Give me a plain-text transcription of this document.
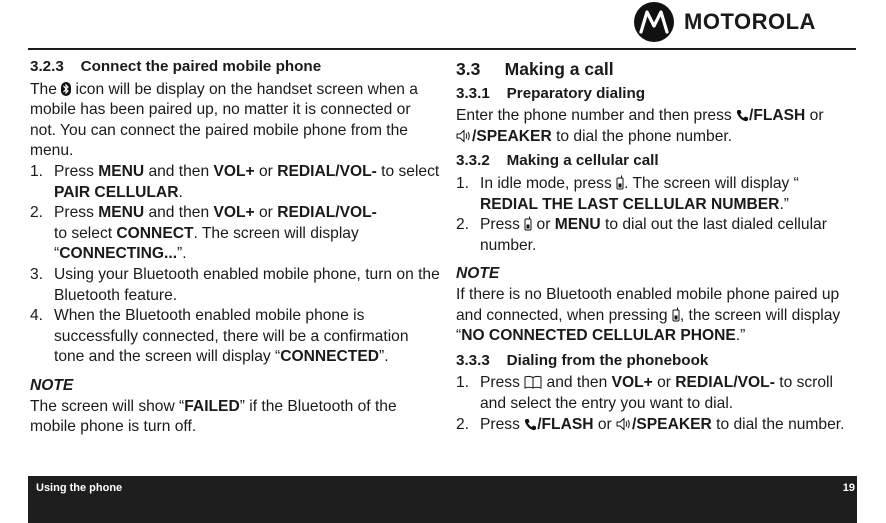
MOTOROLA
3.2.3    Connect the paired mobile phone

The  icon will be display on the handset screen when a mobile has been paired up, no matter it is connected or not. You can connect the paired mobile phone from the menu.

1. Press MENU and then VOL+ or REDIAL/VOL- to select PAIR CELLULAR.
2. Press MENU and then VOL+ or REDIAL/VOL-
to select CONNECT. The screen will display “CONNECTING...”.
3. Using your Bluetooth enabled mobile phone, turn on the Bluetooth feature.
4. When the Bluetooth enabled mobile phone is successfully connected, there will be a confirmation tone and the screen will display “CONNECTED”.
NOTE

The screen will show “FAILED” if the Bluetooth of the mobile phone is turn off.

3.3     Making a call
3.3.1    Preparatory dialing

Enter the phone number and then press /FLASH or
/SPEAKER to dial the phone number.

3.3.2    Making a cellular call
1. In idle mode, press . The screen will display “
REDIAL THE LAST CELLULAR NUMBER.”
2. Press  or MENU to dial out the last dialed cellular number.
NOTE

If there is no Bluetooth enabled mobile phone paired up and connected, when pressing , the screen will display “NO CONNECTED CELLULAR PHONE.”

3.3.3    Dialing from the phonebook
1. Press  and then VOL+ or REDIAL/VOL- to scroll and select the entry you want to dial.
2. Press /FLASH or /SPEAKER to dial the number.
Using the phone	19
